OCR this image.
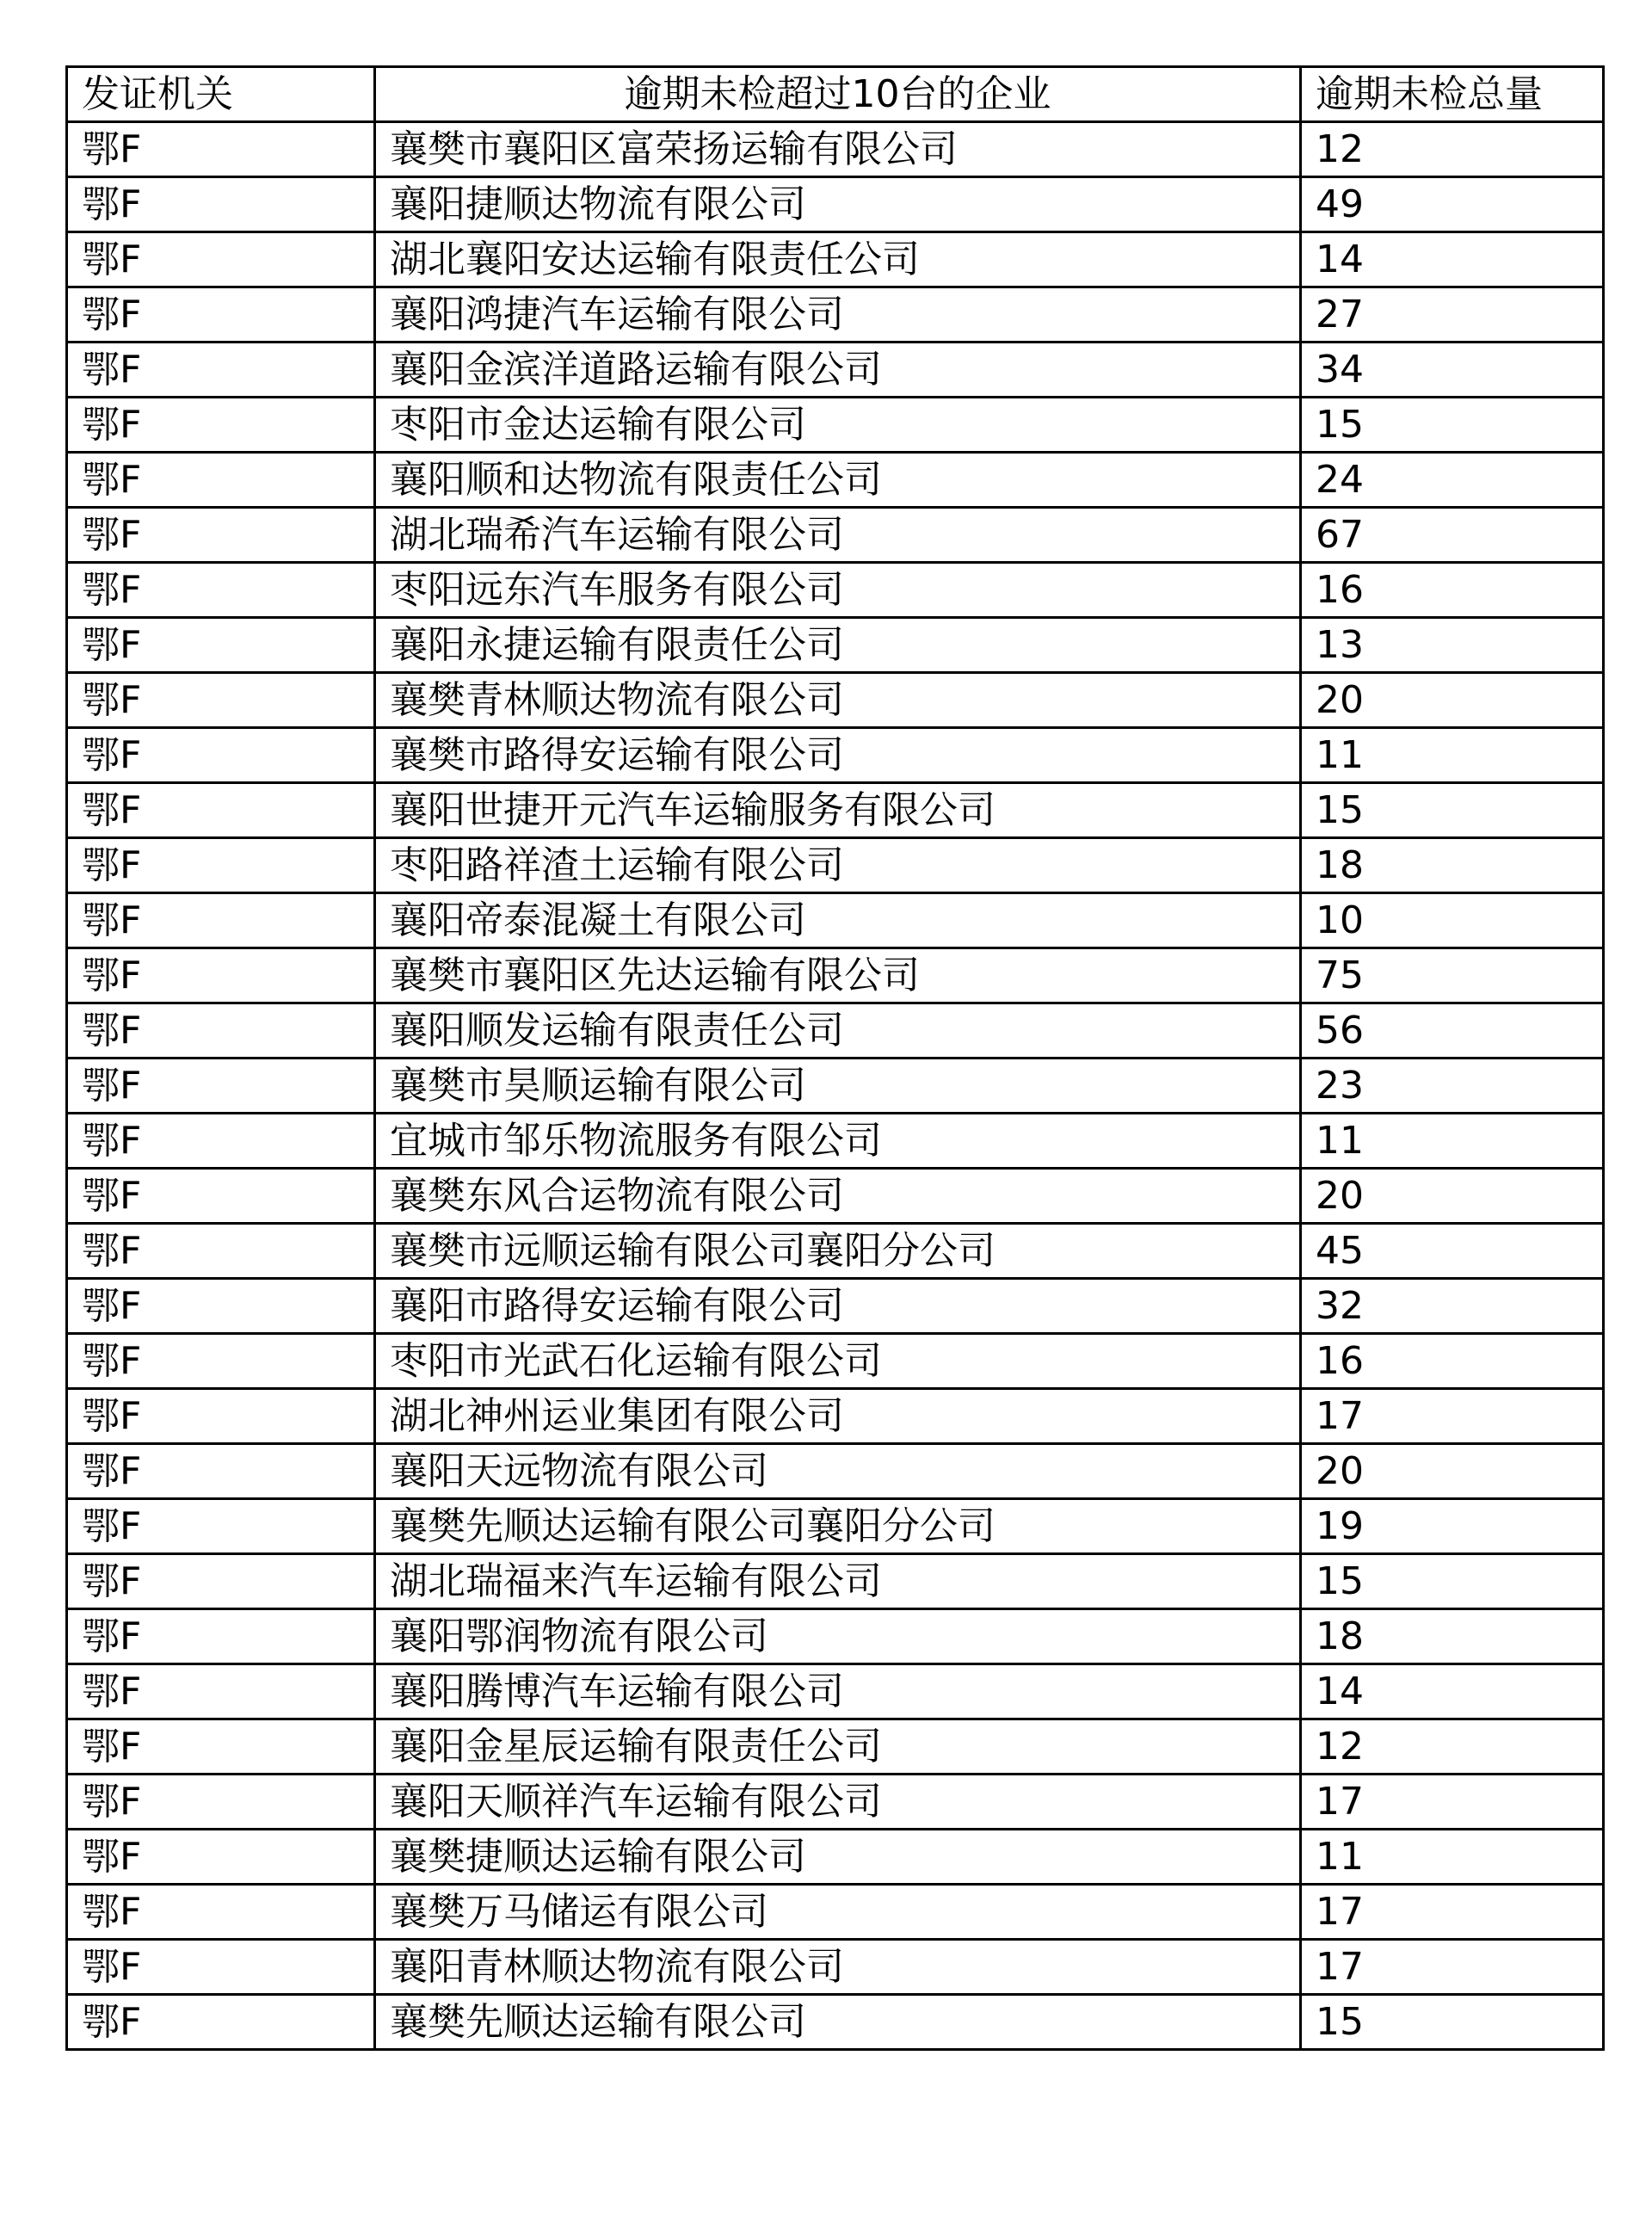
发证机关	逾期未检超过10台的企业	逾期未检总量
鄂F	襄樊市襄阳区富荣扬运输有限公司	12
鄂F	襄阳捷顺达物流有限公司	49
鄂F	湖北襄阳安达运输有限责任公司	14
鄂F	襄阳鸿捷汽车运输有限公司	27
鄂F	襄阳金滨洋道路运输有限公司	34
鄂F	枣阳市金达运输有限公司	15
鄂F	襄阳顺和达物流有限责任公司	24
鄂F	湖北瑞希汽车运输有限公司	67
鄂F	枣阳远东汽车服务有限公司	16
鄂F	襄阳永捷运输有限责任公司	13
鄂F	襄樊青林顺达物流有限公司	20
鄂F	襄樊市路得安运输有限公司	11
鄂F	襄阳世捷开元汽车运输服务有限公司	15
鄂F	枣阳路祥渣土运输有限公司	18
鄂F	襄阳帝泰混凝土有限公司	10
鄂F	襄樊市襄阳区先达运输有限公司	75
鄂F	襄阳顺发运输有限责任公司	56
鄂F	襄樊市昊顺运输有限公司	23
鄂F	宜城市邹乐物流服务有限公司	11
鄂F	襄樊东风合运物流有限公司	20
鄂F	襄樊市远顺运输有限公司襄阳分公司	45
鄂F	襄阳市路得安运输有限公司	32
鄂F	枣阳市光武石化运输有限公司	16
鄂F	湖北神州运业集团有限公司	17
鄂F	襄阳天远物流有限公司	20
鄂F	襄樊先顺达运输有限公司襄阳分公司	19
鄂F	湖北瑞福来汽车运输有限公司	15
鄂F	襄阳鄂润物流有限公司	18
鄂F	襄阳腾博汽车运输有限公司	14
鄂F	襄阳金星辰运输有限责任公司	12
鄂F	襄阳天顺祥汽车运输有限公司	17
鄂F	襄樊捷顺达运输有限公司	11
鄂F	襄樊万马储运有限公司	17
鄂F	襄阳青林顺达物流有限公司	17
鄂F	襄樊先顺达运输有限公司	15
